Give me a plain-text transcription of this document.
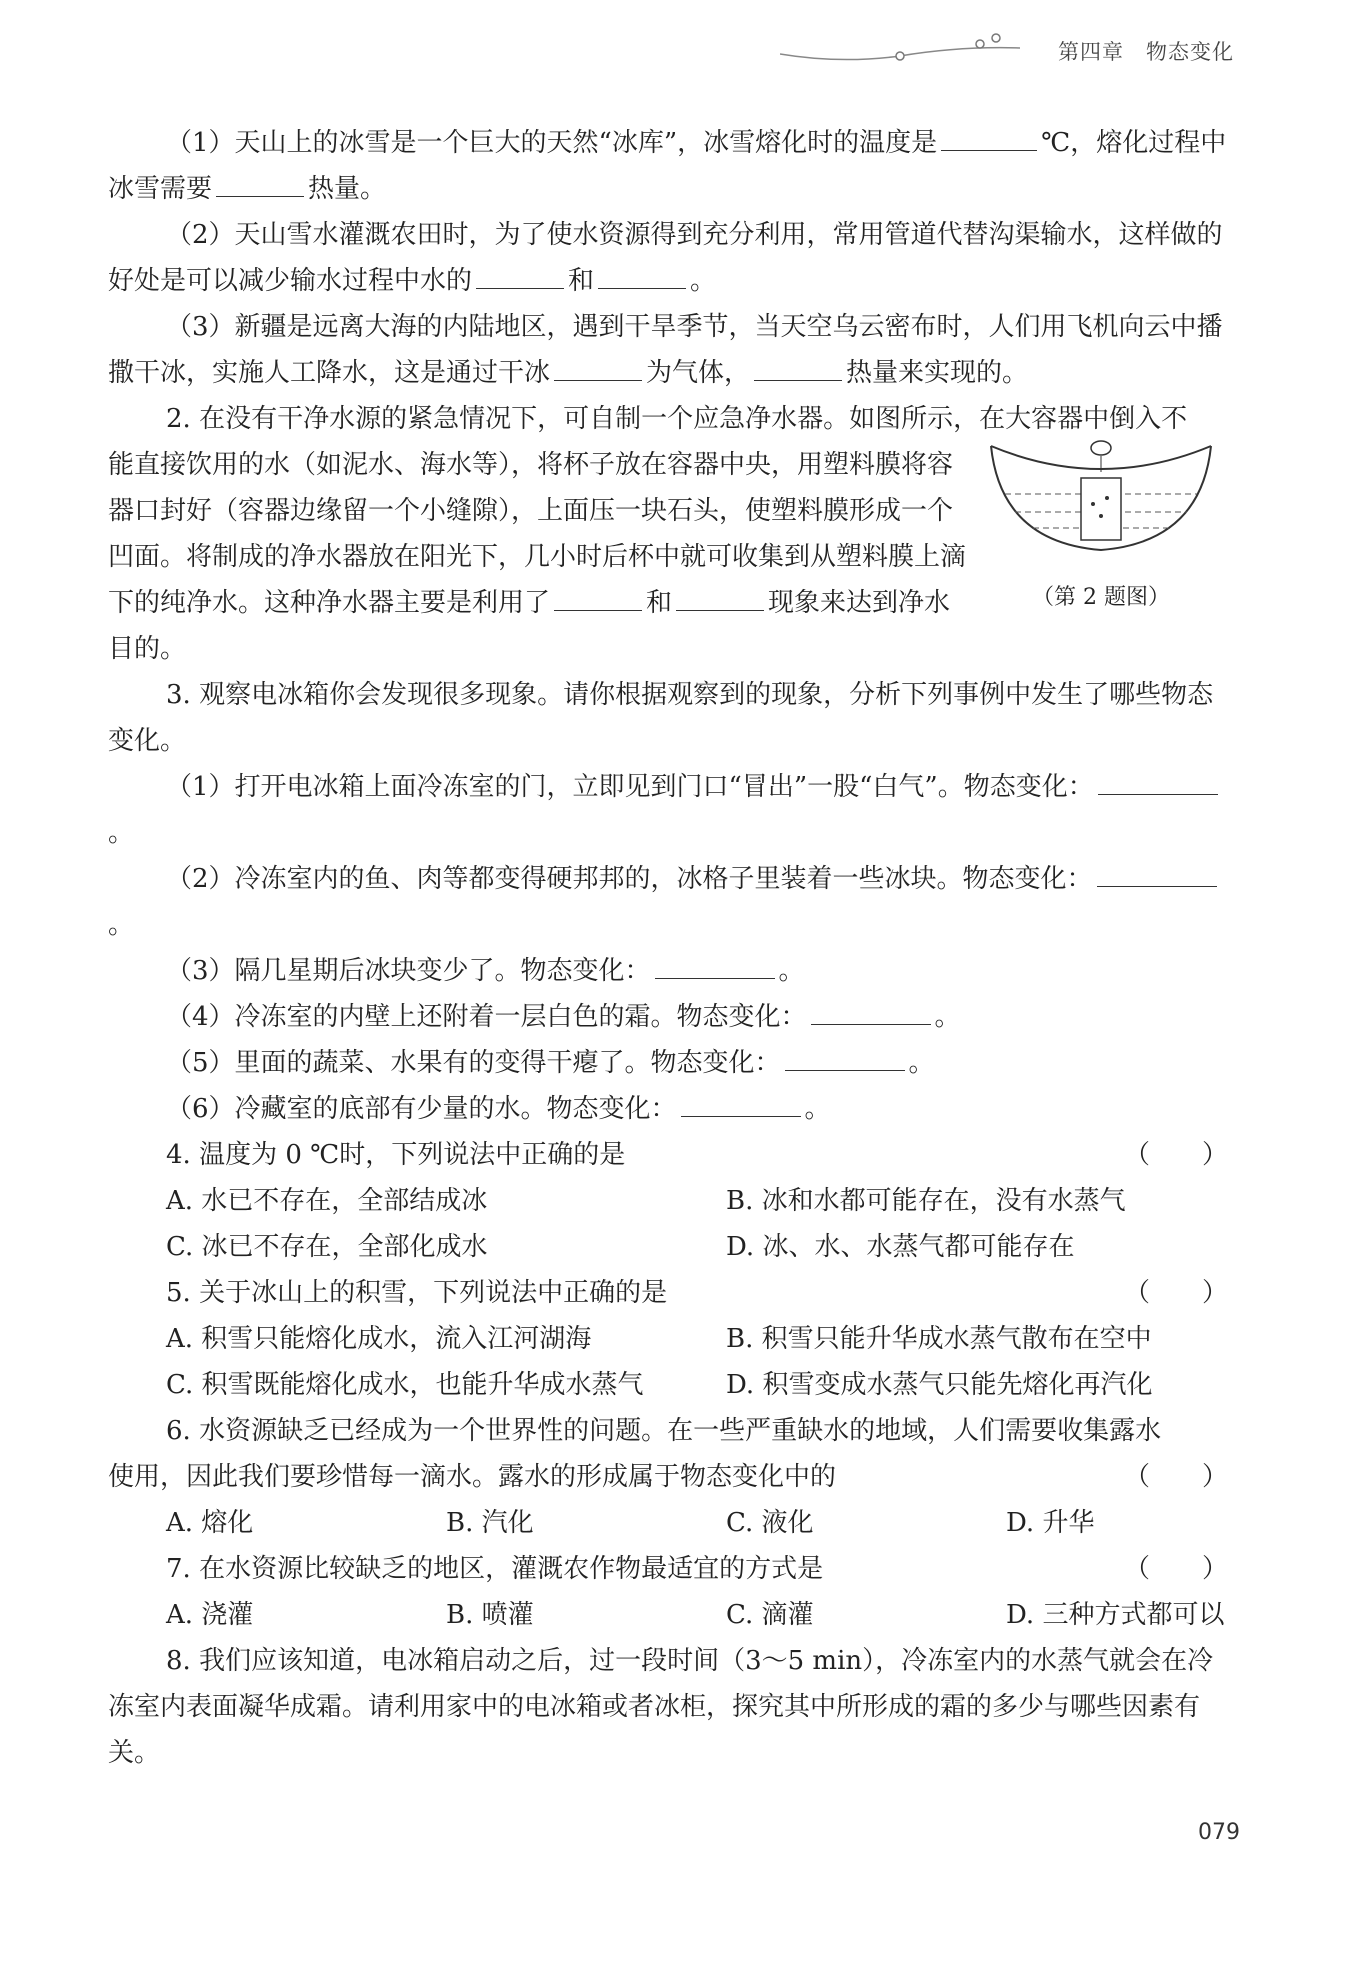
第四章　物态变化

（1）天山上的冰雪是一个巨大的天然“冰库”，冰雪熔化时的温度是	℃，熔化过程中冰雪需要	热量。

（2）天山雪水灌溉农田时，为了使水资源得到充分利用，常用管道代替沟渠输水，这样做的好处是可以减少输水过程中水的	和	。

（3）新疆是远离大海的内陆地区，遇到干旱季节，当天空乌云密布时，人们用飞机向云中播撒干冰，实施人工降水，这是通过干冰	为气体，	热量来实现的。

2. 在没有干净水源的紧急情况下，可自制一个应急净水器。如图所示，在大容器中倒入不

能直接饮用的水（如泥水、海水等），将杯子放在容器中央，用塑料膜将容器口封好（容器边缘留一个小缝隙），上面压一块石头，使塑料膜形成一个凹面。将制成的净水器放在阳光下，几小时后杯中就可收集到从塑料膜上滴下的纯净水。这种净水器主要是利用了	和	现象来达到净水目的。
（第 2 题图）

3. 观察电冰箱你会发现很多现象。请你根据观察到的现象，分析下列事例中发生了哪些物态变化。

（1）打开电冰箱上面冷冻室的门，立即见到门口“冒出”一股“白气”。物态变化：。

（2）冷冻室内的鱼、肉等都变得硬邦邦的，冰格子里装着一些冰块。物态变化：。

（3）隔几星期后冰块变少了。物态变化：	。

（4）冷冻室的内壁上还附着一层白色的霜。物态变化：	。

（5）里面的蔬菜、水果有的变得干瘪了。物态变化：	。

（6）冷藏室的底部有少量的水。物态变化：	。

4. 温度为 0 ℃时，下列说法中正确的是	（　　）

A. 水已不存在，全部结成冰	B. 冰和水都可能存在，没有水蒸气
C. 冰已不存在，全部化成水	D. 冰、水、水蒸气都可能存在

5. 关于冰山上的积雪，下列说法中正确的是	（　　）

A. 积雪只能熔化成水，流入江河湖海	B. 积雪只能升华成水蒸气散布在空中
C. 积雪既能熔化成水，也能升华成水蒸气	D. 积雪变成水蒸气只能先熔化再汽化

6. 水资源缺乏已经成为一个世界性的问题。在一些严重缺水的地域，人们需要收集露水

使用，因此我们要珍惜每一滴水。露水的形成属于物态变化中的	（　　）

A. 熔化	B. 汽化	C. 液化	D. 升华

7. 在水资源比较缺乏的地区，灌溉农作物最适宜的方式是	（　　）

A. 浇灌	B. 喷灌	C. 滴灌	D. 三种方式都可以

8. 我们应该知道，电冰箱启动之后，过一段时间（3～5 min），冷冻室内的水蒸气就会在冷冻室内表面凝华成霜。请利用家中的电冰箱或者冰柜，探究其中所形成的霜的多少与哪些因素有关。

079
